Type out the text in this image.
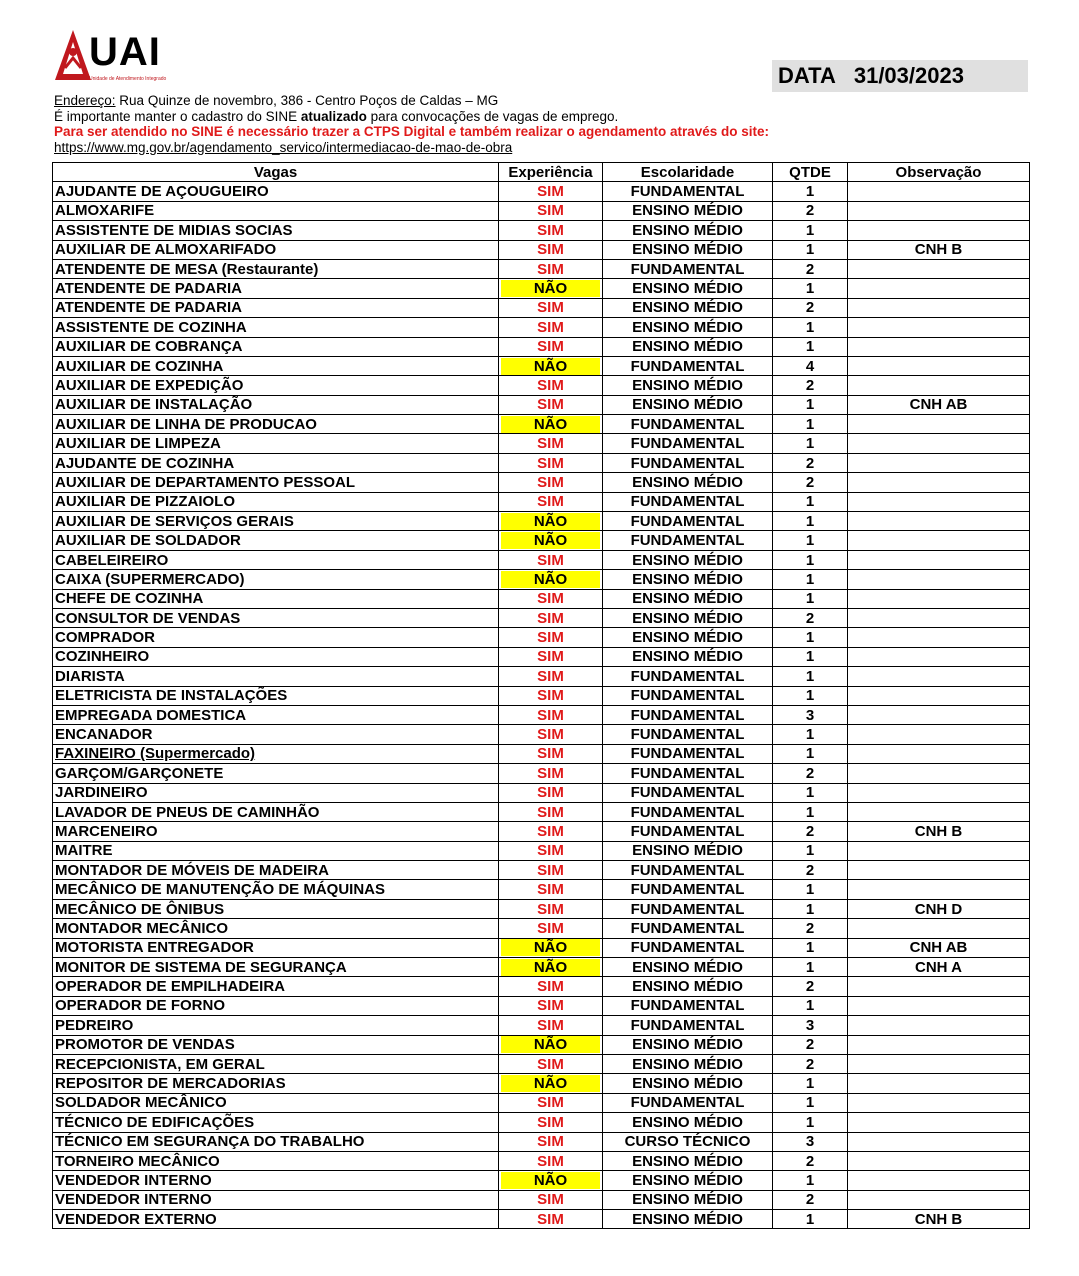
UAI
Unidade de Atendimento Integrado	DATA 31/03/2023
Endereço: Rua Quinze de novembro, 386 - Centro Poços de Caldas – MG
É importante manter o cadastro do SINE atualizado para convocações de vagas de emprego.
Para ser atendido no SINE é necessário trazer a CTPS Digital e também realizar o agendamento através do site:
https://www.mg.gov.br/agendamento_servico/intermediacao-de-mao-de-obra
Vagas	Experiência	Escolaridade	QTDE	Observação
AJUDANTE DE AÇOUGUEIRO	SIM	FUNDAMENTAL	1	
ALMOXARIFE	SIM	ENSINO MÉDIO	2	
ASSISTENTE DE MIDIAS SOCIAS	SIM	ENSINO MÉDIO	1	
AUXILIAR DE ALMOXARIFADO	SIM	ENSINO MÉDIO	1	CNH B
ATENDENTE DE MESA (Restaurante)	SIM	FUNDAMENTAL	2	
ATENDENTE DE PADARIA	NÃO	ENSINO MÉDIO	1	
ATENDENTE DE PADARIA	SIM	ENSINO MÉDIO	2	
ASSISTENTE DE COZINHA	SIM	ENSINO MÉDIO	1	
AUXILIAR DE COBRANÇA	SIM	ENSINO MÉDIO	1	
AUXILIAR DE COZINHA	NÃO	FUNDAMENTAL	4	
AUXILIAR DE EXPEDIÇÃO	SIM	ENSINO MÉDIO	2	
AUXILIAR DE INSTALAÇÃO	SIM	ENSINO MÉDIO	1	CNH AB
AUXILIAR DE LINHA DE PRODUCAO	NÃO	FUNDAMENTAL	1	
AUXILIAR DE LIMPEZA	SIM	FUNDAMENTAL	1	
AJUDANTE DE COZINHA	SIM	FUNDAMENTAL	2	
AUXILIAR DE DEPARTAMENTO PESSOAL	SIM	ENSINO MÉDIO	2	
AUXILIAR DE PIZZAIOLO	SIM	FUNDAMENTAL	1	
AUXILIAR DE SERVIÇOS GERAIS	NÃO	FUNDAMENTAL	1	
AUXILIAR DE SOLDADOR	NÃO	FUNDAMENTAL	1	
CABELEIREIRO	SIM	ENSINO MÉDIO	1	
CAIXA (SUPERMERCADO)	NÃO	ENSINO MÉDIO	1	
CHEFE DE COZINHA	SIM	ENSINO MÉDIO	1	
CONSULTOR DE VENDAS	SIM	ENSINO MÉDIO	2	
COMPRADOR	SIM	ENSINO MÉDIO	1	
COZINHEIRO	SIM	ENSINO MÉDIO	1	
DIARISTA	SIM	FUNDAMENTAL	1	
ELETRICISTA DE INSTALAÇÕES	SIM	FUNDAMENTAL	1	
EMPREGADA DOMESTICA	SIM	FUNDAMENTAL	3	
ENCANADOR	SIM	FUNDAMENTAL	1	
FAXINEIRO (Supermercado)	SIM	FUNDAMENTAL	1	
GARÇOM/GARÇONETE	SIM	FUNDAMENTAL	2	
JARDINEIRO	SIM	FUNDAMENTAL	1	
LAVADOR DE PNEUS DE CAMINHÃO	SIM	FUNDAMENTAL	1	
MARCENEIRO	SIM	FUNDAMENTAL	2	CNH B
MAITRE	SIM	ENSINO MÉDIO	1	
MONTADOR DE MÓVEIS DE MADEIRA	SIM	FUNDAMENTAL	2	
MECÂNICO DE MANUTENÇÃO DE MÁQUINAS	SIM	FUNDAMENTAL	1	
MECÂNICO DE ÔNIBUS	SIM	FUNDAMENTAL	1	CNH D
MONTADOR MECÂNICO	SIM	FUNDAMENTAL	2	
MOTORISTA ENTREGADOR	NÃO	FUNDAMENTAL	1	CNH AB
MONITOR DE SISTEMA DE SEGURANÇA	NÃO	ENSINO MÉDIO	1	CNH A
OPERADOR DE EMPILHADEIRA	SIM	ENSINO MÉDIO	2	
OPERADOR DE FORNO	SIM	FUNDAMENTAL	1	
PEDREIRO	SIM	FUNDAMENTAL	3	
PROMOTOR DE VENDAS	NÃO	ENSINO MÉDIO	2	
RECEPCIONISTA, EM GERAL	SIM	ENSINO MÉDIO	2	
REPOSITOR DE MERCADORIAS	NÃO	ENSINO MÉDIO	1	
SOLDADOR MECÂNICO	SIM	FUNDAMENTAL	1	
TÉCNICO DE EDIFICAÇÕES	SIM	ENSINO MÉDIO	1	
TÉCNICO EM SEGURANÇA DO TRABALHO	SIM	CURSO TÉCNICO	3	
TORNEIRO MECÂNICO	SIM	ENSINO MÉDIO	2	
VENDEDOR INTERNO	NÃO	ENSINO MÉDIO	1	
VENDEDOR INTERNO	SIM	ENSINO MÉDIO	2	
VENDEDOR EXTERNO	SIM	ENSINO MÉDIO	1	CNH B
